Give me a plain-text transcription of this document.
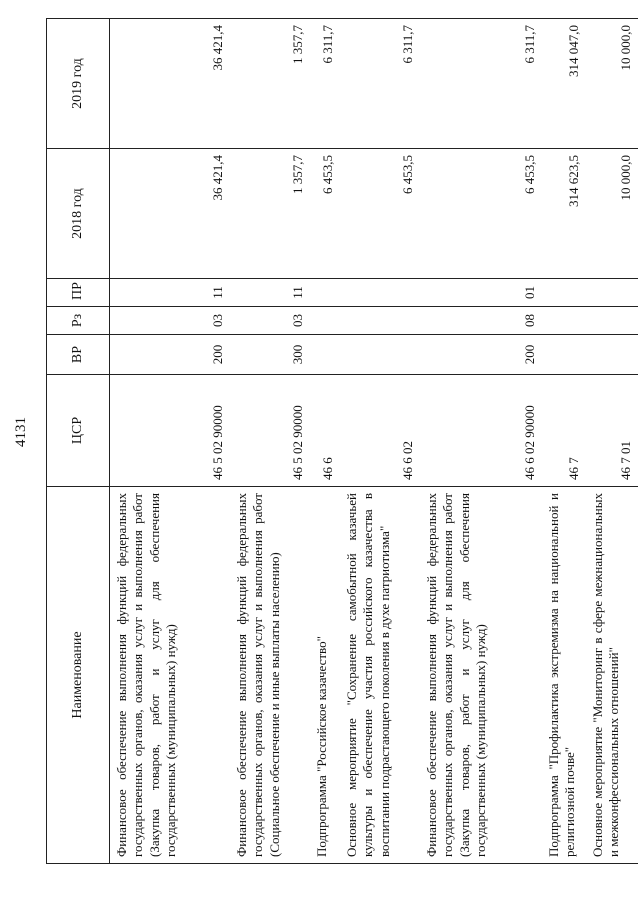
4131
Наименование	ЦСР	ВР	Рз	ПР	2018 год	2019 год
Финансовое обеспечение выполнения функций федеральных государственных органов, оказания услуг и выполнения работ (Закупка товаров, работ и услуг для обеспечения государственных (муниципальных) нужд)	46 5 02 90000	200	03	11	36 421,4	36 421,4
Финансовое обеспечение выполнения функций федеральных государственных органов, оказания услуг и выполнения работ (Социальное обеспечение и иные выплаты населению)	46 5 02 90000	300	03	11	1 357,7	1 357,7
Подпрограмма "Российское казачество"	46 6				6 453,5	6 311,7
Основное мероприятие "Сохранение самобытной казачьей культуры и обеспечение участия российского казачества в воспитании подрастающего поколения в духе патриотизма"	46 6 02				6 453,5	6 311,7
Финансовое обеспечение выполнения функций федеральных государственных органов, оказания услуг и выполнения работ (Закупка товаров, работ и услуг для обеспечения государственных (муниципальных) нужд)	46 6 02 90000	200	08	01	6 453,5	6 311,7
Подпрограмма "Профилактика экстремизма на национальной и религиозной почве"	46 7				314 623,5	314 047,0
Основное мероприятие "Мониторинг в сфере межнациональных и межконфессиональных отношений"	46 7 01				10 000,0	10 000,0
